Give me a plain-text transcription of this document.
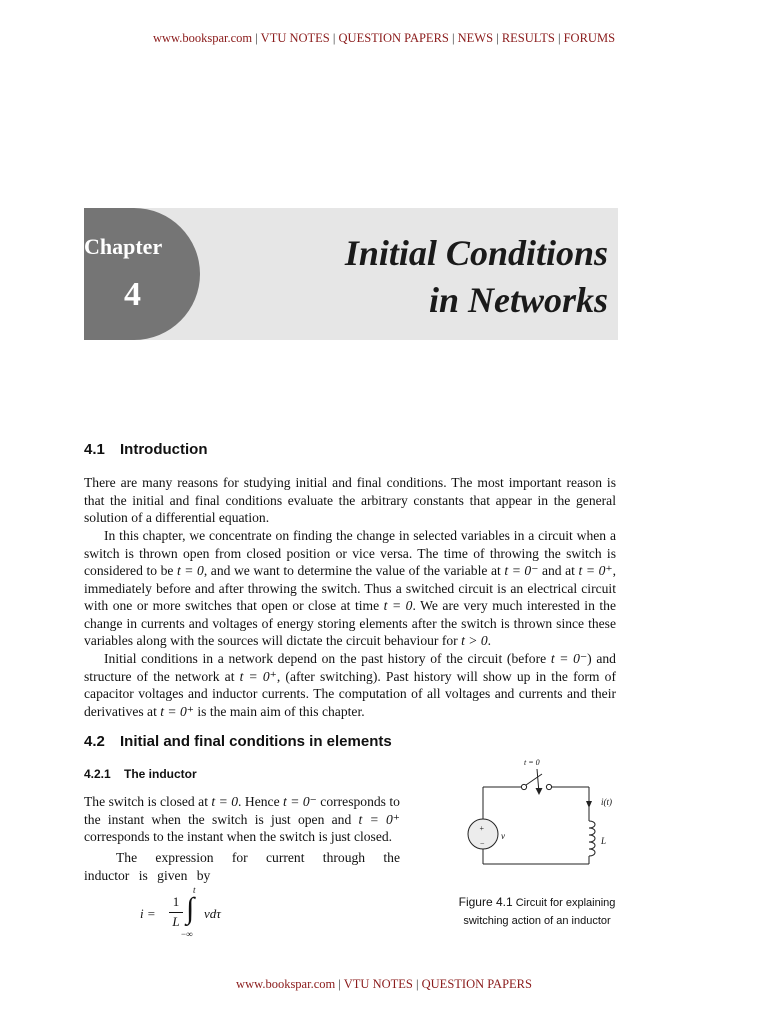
www.bookspar.com | VTU NOTES | QUESTION PAPERS | NEWS | RESULTS | FORUMS
Chapter
4
Initial Conditions
in Networks
4.1 Introduction

There are many reasons for studying initial and final conditions. The most important reason is that the initial and final conditions evaluate the arbitrary constants that appear in the general solution of a differential equation.

In this chapter, we concentrate on finding the change in selected variables in a circuit when a switch is thrown open from closed position or vice versa. The time of throwing the switch is considered to be t = 0, and we want to determine the value of the variable at t = 0⁻ and at t = 0⁺, immediately before and after throwing the switch. Thus a switched circuit is an electrical circuit with one or more switches that open or close at time t = 0. We are very much interested in the change in currents and voltages of energy storing elements after the switch is thrown since these variables along with the sources will dictate the circuit behaviour for t > 0.

Initial conditions in a network depend on the past history of the circuit (before t = 0⁻) and structure of the network at t = 0⁺, (after switching). Past history will show up in the form of capacitor voltages and inductor currents. The computation of all voltages and currents and their derivatives at t = 0⁺ is the main aim of this chapter.

4.2 Initial and final conditions in elements
4.2.1 The inductor

The switch is closed at t = 0. Hence t = 0⁻ corresponds to the instant when the switch is just open and t = 0⁺ corresponds to the instant when the switch is just closed.

The expression for current through the inductor is given by

i =
1
L
t
∫
−∞
vdτ
t = 0
i(t)
L
v
+
−
Figure 4.1 Circuit for explaining
switching action of an inductor
www.bookspar.com | VTU NOTES | QUESTION PAPERS
